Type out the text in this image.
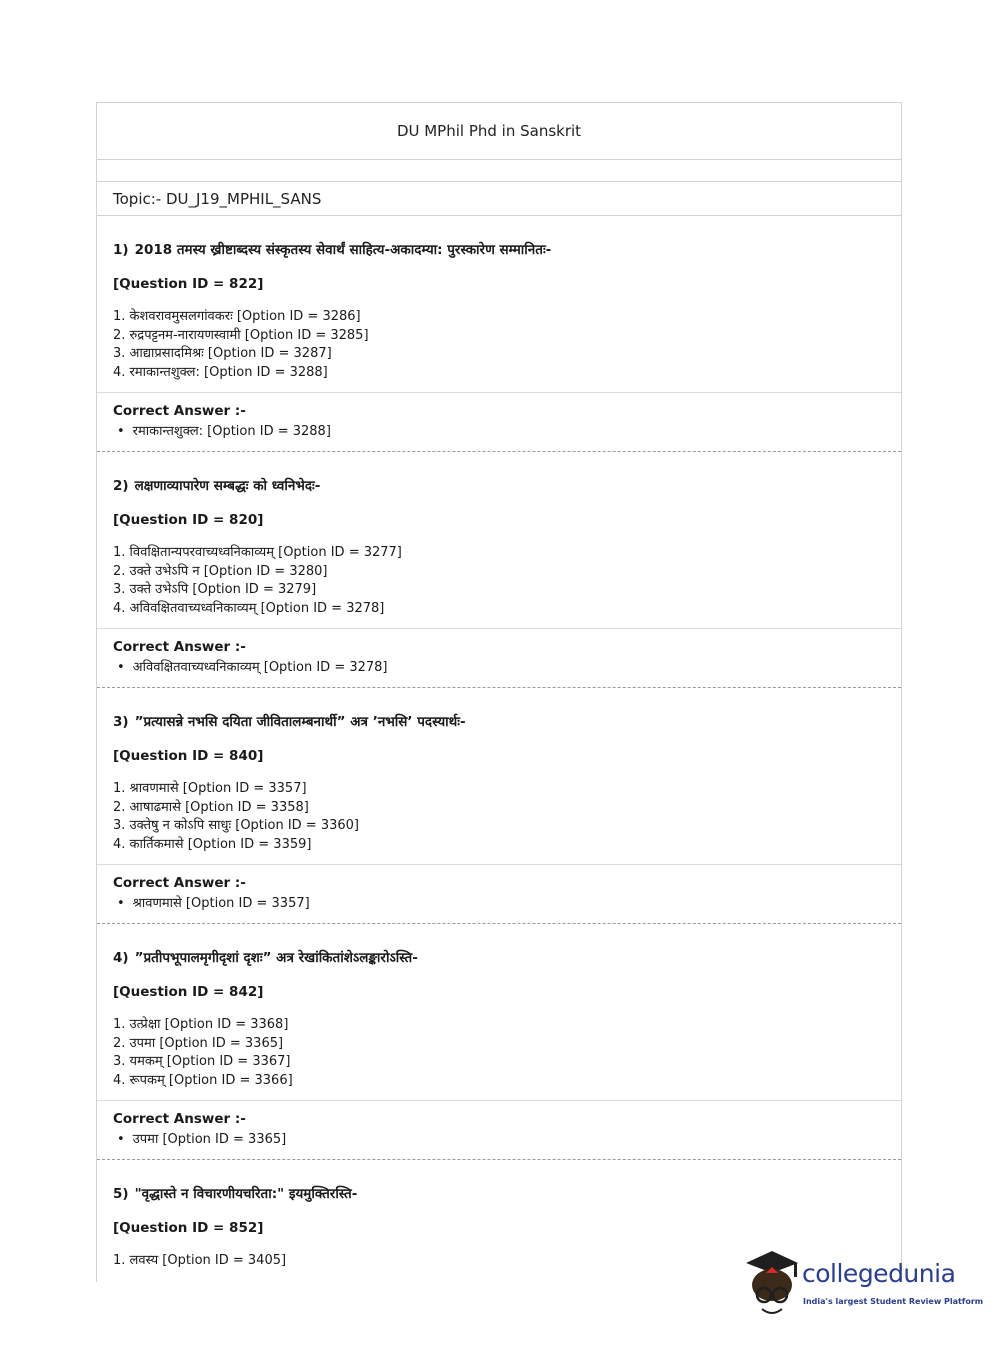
DU MPhil Phd in Sanskrit
Topic:- DU_J19_MPHIL_SANS

1) 2018 तमस्य ख्रीष्टाब्दस्य संस्कृतस्य सेवार्थं साहित्य-अकादम्या: पुरस्कारेण सम्मानितः-

[Question ID = 822]

1. केशवरावमुसलगांवकरः [Option ID = 3286]
2. रुद्रपट्टनम-नारायणस्वामी [Option ID = 3285]
3. आद्याप्रसादमिश्रः [Option ID = 3287]
4. रमाकान्तशुक्ल: [Option ID = 3288]

Correct Answer :-

• रमाकान्तशुक्ल: [Option ID = 3288]

2) लक्षणाव्यापारेण सम्बद्धः को ध्वनिभेदः-

[Question ID = 820]

1. विवक्षितान्यपरवाच्यध्वनिकाव्यम् [Option ID = 3277]
2. उक्ते उभेऽपि न [Option ID = 3280]
3. उक्ते उभेऽपि [Option ID = 3279]
4. अविवक्षितवाच्यध्वनिकाव्यम् [Option ID = 3278]

Correct Answer :-

• अविवक्षितवाच्यध्वनिकाव्यम् [Option ID = 3278]

3) ”प्रत्यासन्ने नभसि दयिता जीवितालम्बनार्थी” अत्र ’नभसि’ पदस्यार्थः-

[Question ID = 840]

1. श्रावणमासे [Option ID = 3357]
2. आषाढमासे [Option ID = 3358]
3. उक्तेषु न कोऽपि साधुः [Option ID = 3360]
4. कार्तिकमासे [Option ID = 3359]

Correct Answer :-

• श्रावणमासे [Option ID = 3357]

4) ”प्रतीपभूपालमृगीदृशां दृशः” अत्र रेखांकितांशेऽलङ्कारोऽस्ति-

[Question ID = 842]

1. उत्प्रेक्षा [Option ID = 3368]
2. उपमा [Option ID = 3365]
3. यमकम् [Option ID = 3367]
4. रूपकम् [Option ID = 3366]

Correct Answer :-

• उपमा [Option ID = 3365]

5) "वृद्धास्ते न विचारणीयचरिता:" इयमुक्तिरस्ति-

[Question ID = 852]

1. लवस्य [Option ID = 3405]	collegedunia
India's largest Student Review Platform
